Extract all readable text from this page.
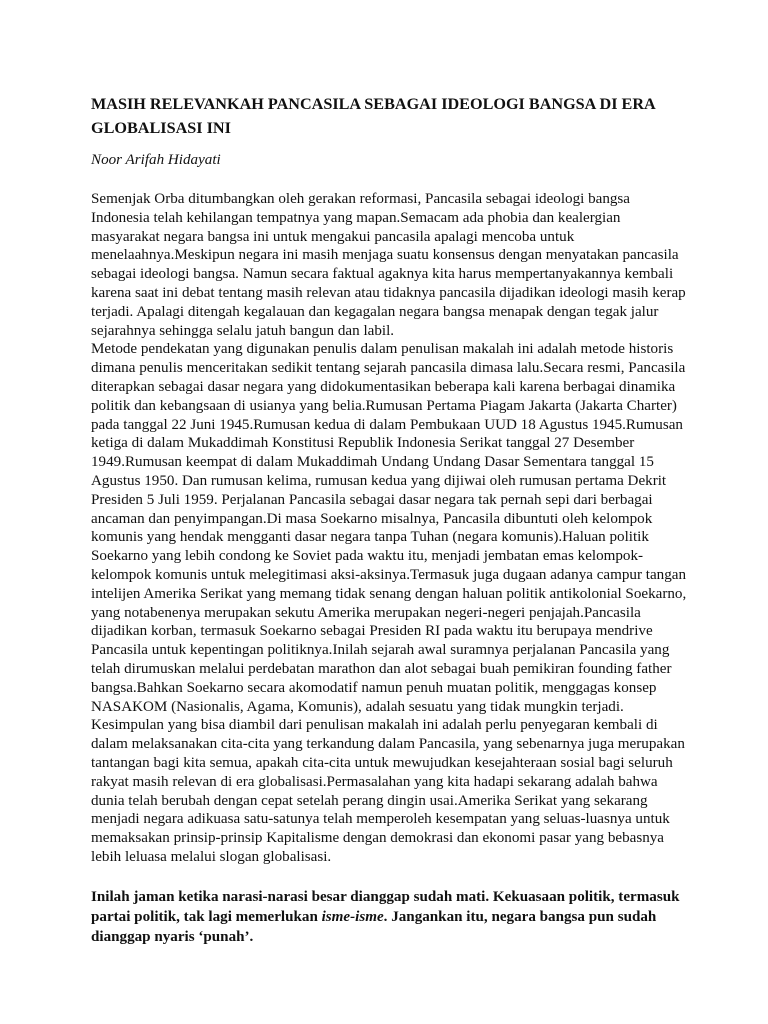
MASIH RELEVANKAH PANCASILA SEBAGAI IDEOLOGI BANGSA DI ERA GLOBALISASI INI

Noor Arifah Hidayati

Semenjak Orba ditumbangkan oleh gerakan reformasi, Pancasila sebagai ideologi bangsa Indonesia telah kehilangan tempatnya yang mapan.Semacam ada phobia dan kealergian masyarakat negara bangsa ini untuk mengakui pancasila apalagi mencoba untuk menelaahnya.Meskipun negara ini masih menjaga suatu konsensus dengan menyatakan pancasila sebagai ideologi bangsa. Namun secara faktual agaknya kita harus mempertanyakannya kembali karena saat ini debat tentang masih relevan atau tidaknya pancasila dijadikan ideologi masih kerap terjadi. Apalagi ditengah kegalauan dan kegagalan negara bangsa menapak dengan tegak jalur sejarahnya sehingga selalu jatuh bangun dan labil.

Metode pendekatan yang digunakan penulis dalam penulisan makalah ini adalah metode historis dimana penulis menceritakan sedikit tentang sejarah pancasila dimasa lalu.Secara resmi, Pancasila diterapkan sebagai dasar negara yang didokumentasikan beberapa kali karena berbagai dinamika politik dan kebangsaan di usianya yang belia.Rumusan Pertama Piagam Jakarta (Jakarta Charter) pada tanggal 22 Juni 1945.Rumusan kedua di dalam Pembukaan UUD 18 Agustus 1945.Rumusan ketiga di dalam Mukaddimah Konstitusi Republik Indonesia Serikat tanggal 27 Desember 1949.Rumusan keempat di dalam Mukaddimah Undang Undang Dasar Sementara tanggal 15 Agustus 1950. Dan rumusan kelima, rumusan kedua yang dijiwai oleh rumusan pertama Dekrit Presiden 5 Juli 1959. Perjalanan Pancasila sebagai dasar negara tak pernah sepi dari berbagai ancaman dan penyimpangan.Di masa Soekarno misalnya, Pancasila dibuntuti oleh kelompok komunis yang hendak mengganti dasar negara tanpa Tuhan (negara komunis).Haluan politik Soekarno yang lebih condong ke Soviet pada waktu itu, menjadi jembatan emas kelompok-kelompok komunis untuk melegitimasi aksi-aksinya.Termasuk juga dugaan adanya campur tangan intelijen Amerika Serikat yang memang tidak senang dengan haluan politik antikolonial Soekarno, yang notabenenya merupakan sekutu Amerika merupakan negeri-negeri penjajah.Pancasila dijadikan korban, termasuk Soekarno sebagai Presiden RI pada waktu itu berupaya mendrive Pancasila untuk kepentingan politiknya.Inilah sejarah awal suramnya perjalanan Pancasila yang telah dirumuskan melalui perdebatan marathon dan alot sebagai buah pemikiran founding father bangsa.Bahkan Soekarno secara akomodatif namun penuh muatan politik, menggagas konsep NASAKOM (Nasionalis, Agama, Komunis), adalah sesuatu yang tidak mungkin terjadi.

Kesimpulan yang bisa diambil dari penulisan makalah ini adalah perlu penyegaran kembali di dalam melaksanakan cita-cita yang terkandung dalam Pancasila, yang sebenarnya juga merupakan tantangan bagi kita semua, apakah cita-cita untuk mewujudkan kesejahteraan sosial bagi seluruh rakyat masih relevan di era globalisasi.Permasalahan yang kita hadapi sekarang adalah bahwa dunia telah berubah dengan cepat setelah perang dingin usai.Amerika Serikat yang sekarang menjadi negara adikuasa satu-satunya telah memperoleh kesempatan yang seluas-luasnya untuk memaksakan prinsip-prinsip Kapitalisme dengan demokrasi dan ekonomi pasar yang bebasnya lebih leluasa melalui slogan globalisasi.

Inilah jaman ketika narasi-narasi besar dianggap sudah mati. Kekuasaan politik, termasuk partai politik, tak lagi memerlukan isme-isme. Jangankan itu, negara bangsa pun sudah dianggap nyaris ‘punah’.
